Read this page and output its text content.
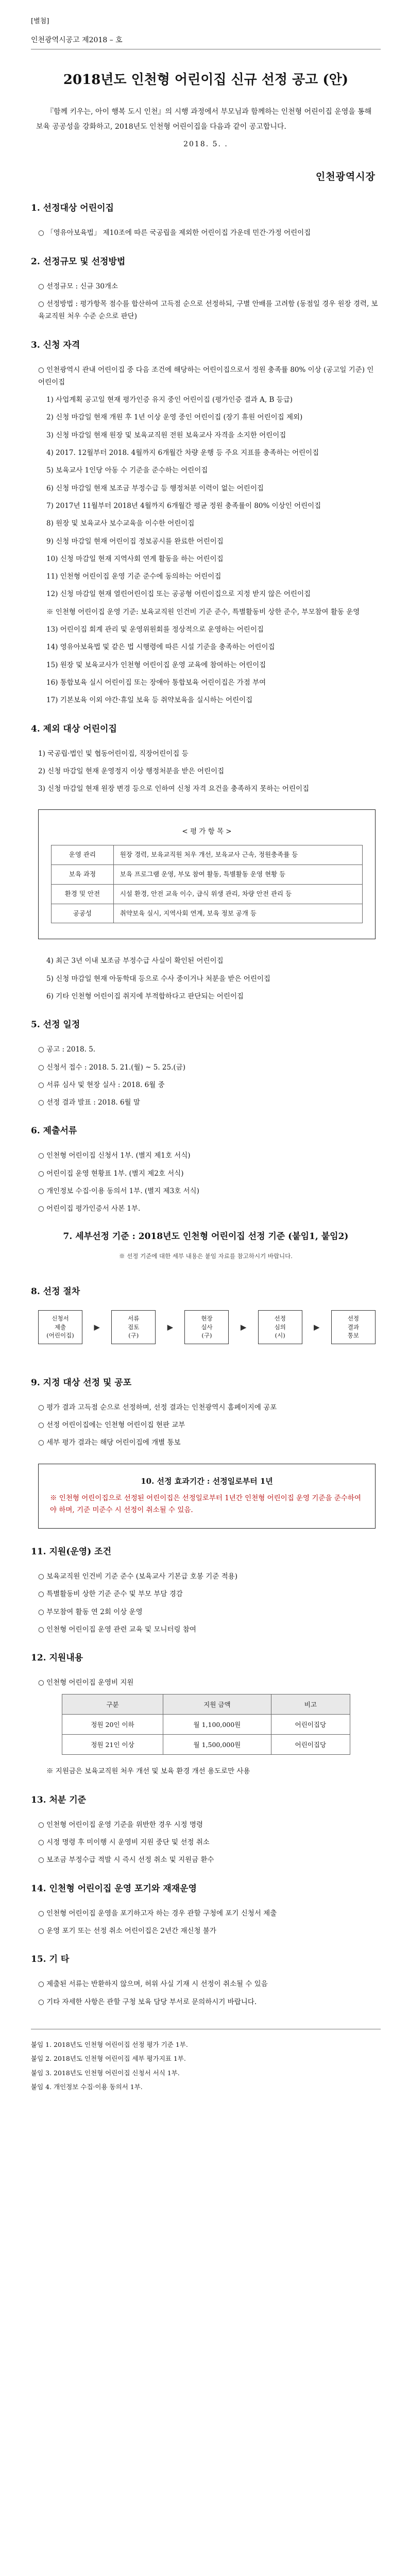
[별첨]
인천광역시공고 제2018 – 호
2018년도 인천형 어린이집 신규 선정 공고 (안)

『함께 키우는, 아이 행복 도시 인천』의 시행 과정에서 부모님과 함께하는 인천형 어린이집 운영을 통해 보육 공공성을 강화하고, 2018년도 인천형 어린이집을 다음과 같이 공고합니다.

2018. 5. .
인천광역시장
1. 선정대상 어린이집
○ 「영유아보육법」 제10조에 따른 국공립을 제외한 어린이집 가운데 민간·가정 어린이집
2. 선정규모 및 선정방법
○ 선정규모 : 신규 30개소
○ 선정방법 : 평가항목 점수를 합산하여 고득점 순으로 선정하되, 구별 안배를 고려함 (동점일 경우 원장 경력, 보육교직원 처우 수준 순으로 판단)
3. 신청 자격
○ 인천광역시 관내 어린이집 중 다음 조건에 해당하는 어린이집으로서 정원 충족률 80% 이상 (공고일 기준) 인 어린이집
1) 사업계획 공고일 현재 평가인증 유지 중인 어린이집 (평가인증 결과 A, B 등급)
2) 신청 마감일 현재 개원 후 1년 이상 운영 중인 어린이집 (장기 휴원 어린이집 제외)
3) 신청 마감일 현재 원장 및 보육교직원 전원 보육교사 자격을 소지한 어린이집
4) 2017. 12월부터 2018. 4월까지 6개월간 차량 운행 등 주요 지표를 충족하는 어린이집
5) 보육교사 1인당 아동 수 기준을 준수하는 어린이집
6) 신청 마감일 현재 보조금 부정수급 등 행정처분 이력이 없는 어린이집
7) 2017년 11월부터 2018년 4월까지 6개월간 평균 정원 충족률이 80% 이상인 어린이집
8) 원장 및 보육교사 보수교육을 이수한 어린이집
9) 신청 마감일 현재 어린이집 정보공시를 완료한 어린이집
10) 신청 마감일 현재 지역사회 연계 활동을 하는 어린이집
11) 인천형 어린이집 운영 기준 준수에 동의하는 어린이집
12) 신청 마감일 현재 열린어린이집 또는 공공형 어린이집으로 지정 받지 않은 어린이집
※ 인천형 어린이집 운영 기준: 보육교직원 인건비 기준 준수, 특별활동비 상한 준수, 부모참여 활동 운영
13) 어린이집 회계 관리 및 운영위원회를 정상적으로 운영하는 어린이집
14) 영유아보육법 및 같은 법 시행령에 따른 시설 기준을 충족하는 어린이집
15) 원장 및 보육교사가 인천형 어린이집 운영 교육에 참여하는 어린이집
16) 통합보육 실시 어린이집 또는 장애아 통합보육 어린이집은 가점 부여
17) 기본보육 이외 야간·휴일 보육 등 취약보육을 실시하는 어린이집
4. 제외 대상 어린이집
1) 국공립·법인 및 협동어린이집, 직장어린이집 등
2) 신청 마감일 현재 운영정지 이상 행정처분을 받은 어린이집
3) 신청 마감일 현재 원장 변경 등으로 인하여 신청 자격 요건을 충족하지 못하는 어린이집
< 평 가 항 목 >
운영 관리	원장 경력, 보육교직원 처우 개선, 보육교사 근속, 정원충족률 등
보육 과정	보육 프로그램 운영, 부모 참여 활동, 특별활동 운영 현황 등
환경 및 안전	시설 환경, 안전 교육 이수, 급식 위생 관리, 차량 안전 관리 등
공공성	취약보육 실시, 지역사회 연계, 보육 정보 공개 등
4) 최근 3년 이내 보조금 부정수급 사실이 확인된 어린이집
5) 신청 마감일 현재 아동학대 등으로 수사 중이거나 처분을 받은 어린이집
6) 기타 인천형 어린이집 취지에 부적합하다고 판단되는 어린이집
5. 선정 일정
○ 공고 : 2018. 5.
○ 신청서 접수 : 2018. 5. 21.(월) ~ 5. 25.(금)
○ 서류 심사 및 현장 실사 : 2018. 6월 중
○ 선정 결과 발표 : 2018. 6월 말
6. 제출서류
○ 인천형 어린이집 신청서 1부. (별지 제1호 서식)
○ 어린이집 운영 현황표 1부. (별지 제2호 서식)
○ 개인정보 수집·이용 동의서 1부. (별지 제3호 서식)
○ 어린이집 평가인증서 사본 1부.
7. 세부선정 기준 : 2018년도 인천형 어린이집 선정 기준 (붙임1, 붙임2)
※ 선정 기준에 대한 세부 내용은 붙임 자료를 참고하시기 바랍니다.
8. 선정 절차
신청서
제출
(어린이집)
▶
서류
검토
(구)
▶
현장
실사
(구)
▶
선정
심의
(시)
▶
선정
결과
통보
9. 지정 대상 선정 및 공포
○ 평가 결과 고득점 순으로 선정하며, 선정 결과는 인천광역시 홈페이지에 공포
○ 선정 어린이집에는 인천형 어린이집 현판 교부
○ 세부 평가 결과는 해당 어린이집에 개별 통보
10. 선정 효과기간 : 선정일로부터 1년
※ 인천형 어린이집으로 선정된 어린이집은 선정일로부터 1년간 인천형 어린이집 운영 기준을 준수하여야 하며, 기준 미준수 시 선정이 취소될 수 있음.
11. 지원(운영) 조건
○ 보육교직원 인건비 기준 준수 (보육교사 기본급 호봉 기준 적용)
○ 특별활동비 상한 기준 준수 및 부모 부담 경감
○ 부모참여 활동 연 2회 이상 운영
○ 인천형 어린이집 운영 관련 교육 및 모니터링 참여
12. 지원내용
○ 인천형 어린이집 운영비 지원
구분	지원 금액	비고
정원 20인 이하	월 1,100,000원	어린이집당
정원 21인 이상	월 1,500,000원	어린이집당
※ 지원금은 보육교직원 처우 개선 및 보육 환경 개선 용도로만 사용
13. 처분 기준
○ 인천형 어린이집 운영 기준을 위반한 경우 시정 명령
○ 시정 명령 후 미이행 시 운영비 지원 중단 및 선정 취소
○ 보조금 부정수급 적발 시 즉시 선정 취소 및 지원금 환수
14. 인천형 어린이집 운영 포기와 재재운영
○ 인천형 어린이집 운영을 포기하고자 하는 경우 관할 구청에 포기 신청서 제출
○ 운영 포기 또는 선정 취소 어린이집은 2년간 재신청 불가
15. 기 타
○ 제출된 서류는 반환하지 않으며, 허위 사실 기재 시 선정이 취소될 수 있음
○ 기타 자세한 사항은 관할 구청 보육 담당 부서로 문의하시기 바랍니다.
붙임 1. 2018년도 인천형 어린이집 선정 평가 기준 1부.
붙임 2. 2018년도 인천형 어린이집 세부 평가지표 1부.
붙임 3. 2018년도 인천형 어린이집 신청서 서식 1부.
붙임 4. 개인정보 수집·이용 동의서 1부.
